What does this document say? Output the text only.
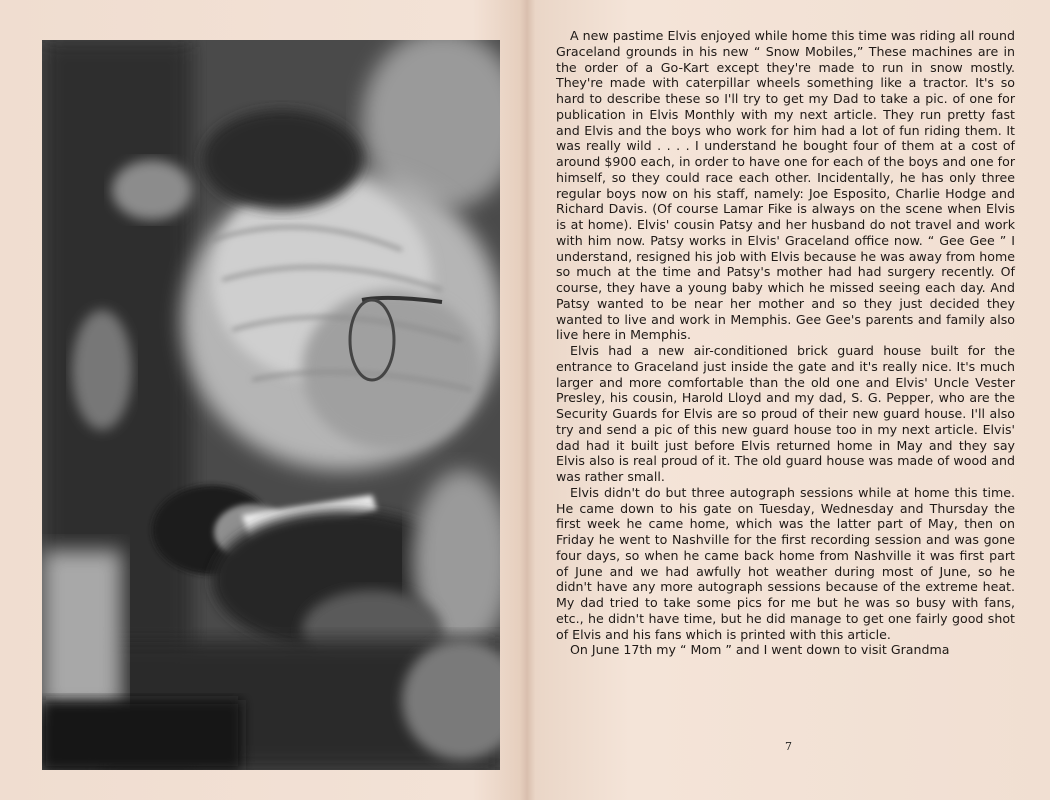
A new pastime Elvis enjoyed while home this time was riding all round Graceland grounds in his new “ Snow Mobiles,” These machines are in the order of a Go-Kart except they're made to run in snow mostly. They're made with caterpillar wheels something like a tractor. It's so hard to describe these so I'll try to get my Dad to take a pic. of one for publication in Elvis Monthly with my next article. They run pretty fast and Elvis and the boys who work for him had a lot of fun riding them. It was really wild . . . . I understand he bought four of them at a cost of around $900 each, in order to have one for each of the boys and one for himself, so they could race each other. Incidentally, he has only three regular boys now on his staff, namely: Joe Esposito, Charlie Hodge and Richard Davis. (Of course Lamar Fike is always on the scene when Elvis is at home). Elvis' cousin Patsy and her husband do not travel and work with him now. Patsy works in Elvis' Graceland office now. “ Gee Gee ” I understand, resigned his job with Elvis because he was away from home so much at the time and Patsy's mother had had surgery recently. Of course, they have a young baby which he missed seeing each day. And Patsy wanted to be near her mother and so they just decided they wanted to live and work in Memphis. Gee Gee's parents and family also live here in Memphis.

Elvis had a new air-conditioned brick guard house built for the entrance to Graceland just inside the gate and it's really nice. It's much larger and more comfortable than the old one and Elvis' Uncle Vester Presley, his cousin, Harold Lloyd and my dad, S. G. Pepper, who are the Security Guards for Elvis are so proud of their new guard house. I'll also try and send a pic of this new guard house too in my next article. Elvis' dad had it built just before Elvis returned home in May and they say Elvis also is real proud of it. The old guard house was made of wood and was rather small.

Elvis didn't do but three autograph sessions while at home this time. He came down to his gate on Tuesday, Wednesday and Thursday the first week he came home, which was the latter part of May, then on Friday he went to Nashville for the first recording session and was gone four days, so when he came back home from Nashville it was first part of June and we had awfully hot weather during most of June, so he didn't have any more autograph sessions because of the extreme heat. My dad tried to take some pics for me but he was so busy with fans, etc., he didn't have time, but he did manage to get one fairly good shot of Elvis and his fans which is printed with this article.

On June 17th my “ Mom ” and I went down to visit Grandma

7
